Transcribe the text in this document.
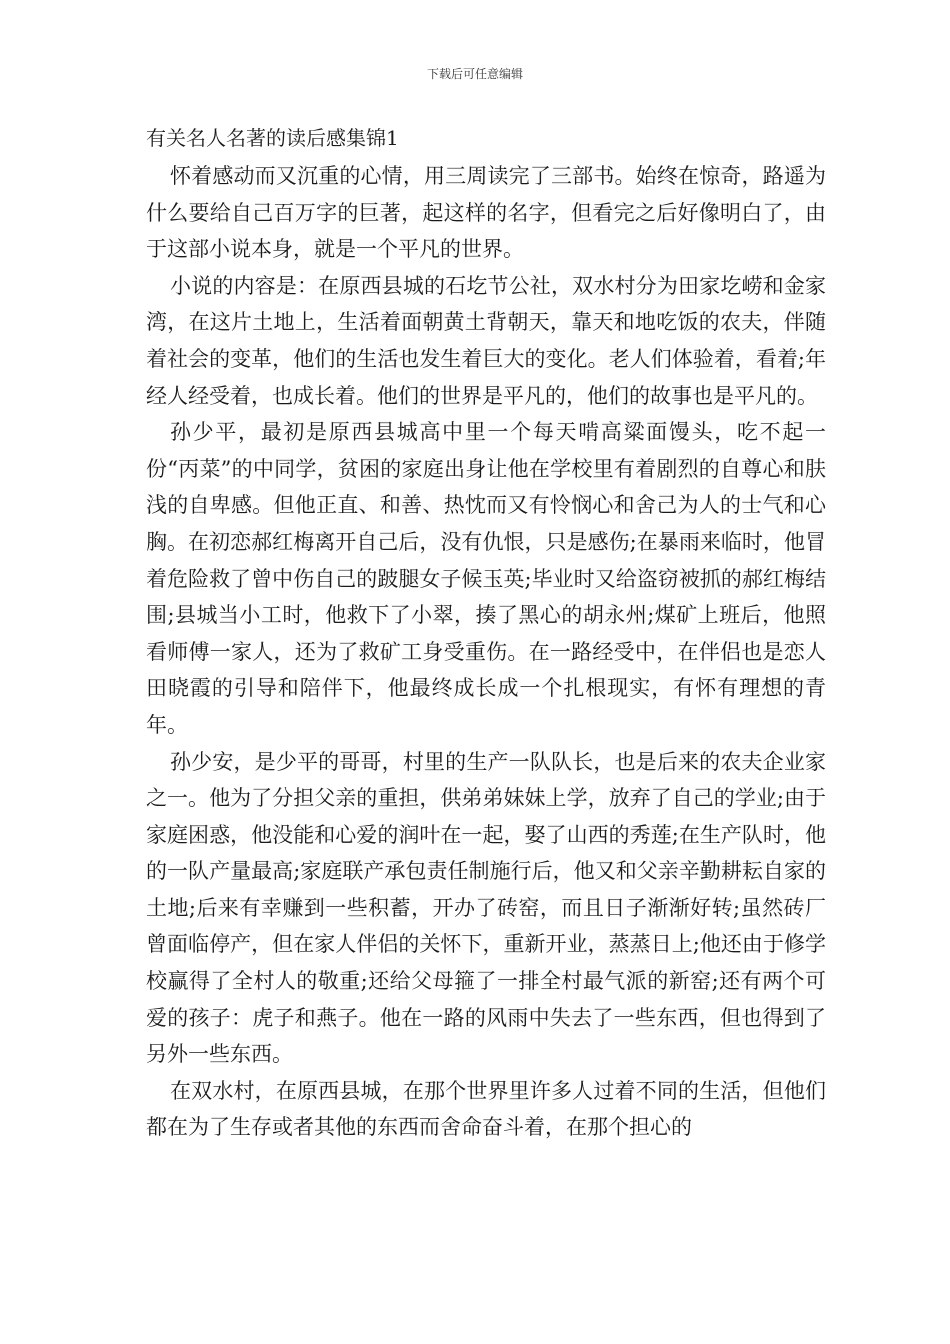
下载后可任意编辑
有关名人名著的读后感集锦1

怀着感动而又沉重的心情，用三周读完了三部书。始终在惊奇，路遥为什么要给自己百万字的巨著，起这样的名字，但看完之后好像明白了，由于这部小说本身，就是一个平凡的世界。

小说的内容是：在原西县城的石圪节公社，双水村分为田家圪崂和金家湾，在这片土地上，生活着面朝黄土背朝天，靠天和地吃饭的农夫，伴随着社会的变革，他们的生活也发生着巨大的变化。老人们体验着，看着;年经人经受着，也成长着。他们的世界是平凡的，他们的故事也是平凡的。

孙少平，最初是原西县城高中里一个每天啃高粱面馒头，吃不起一份“丙菜”的中同学，贫困的家庭出身让他在学校里有着剧烈的自尊心和肤浅的自卑感。但他正直、和善、热忱而又有怜悯心和舍己为人的士气和心胸。在初恋郝红梅离开自己后，没有仇恨，只是感伤;在暴雨来临时，他冒着危险救了曾中伤自己的跛腿女子候玉英;毕业时又给盗窃被抓的郝红梅结围;县城当小工时，他救下了小翠，揍了黑心的胡永州;煤矿上班后，他照看师傅一家人，还为了救矿工身受重伤。在一路经受中，在伴侣也是恋人田晓霞的引导和陪伴下，他最终成长成一个扎根现实，有怀有理想的青年。

孙少安，是少平的哥哥，村里的生产一队队长，也是后来的农夫企业家之一。他为了分担父亲的重担，供弟弟妹妹上学，放弃了自己的学业;由于家庭困惑，他没能和心爱的润叶在一起，娶了山西的秀莲;在生产队时，他的一队产量最高;家庭联产承包责任制施行后，他又和父亲辛勤耕耘自家的土地;后来有幸赚到一些积蓄，开办了砖窑，而且日子渐渐好转;虽然砖厂曾面临停产，但在家人伴侣的关怀下，重新开业，蒸蒸日上;他还由于修学校赢得了全村人的敬重;还给父母箍了一排全村最气派的新窑;还有两个可爱的孩子：虎子和燕子。他在一路的风雨中失去了一些东西，但也得到了另外一些东西。

在双水村，在原西县城，在那个世界里许多人过着不同的生活，但他们都在为了生存或者其他的东西而舍命奋斗着，在那个担心的
